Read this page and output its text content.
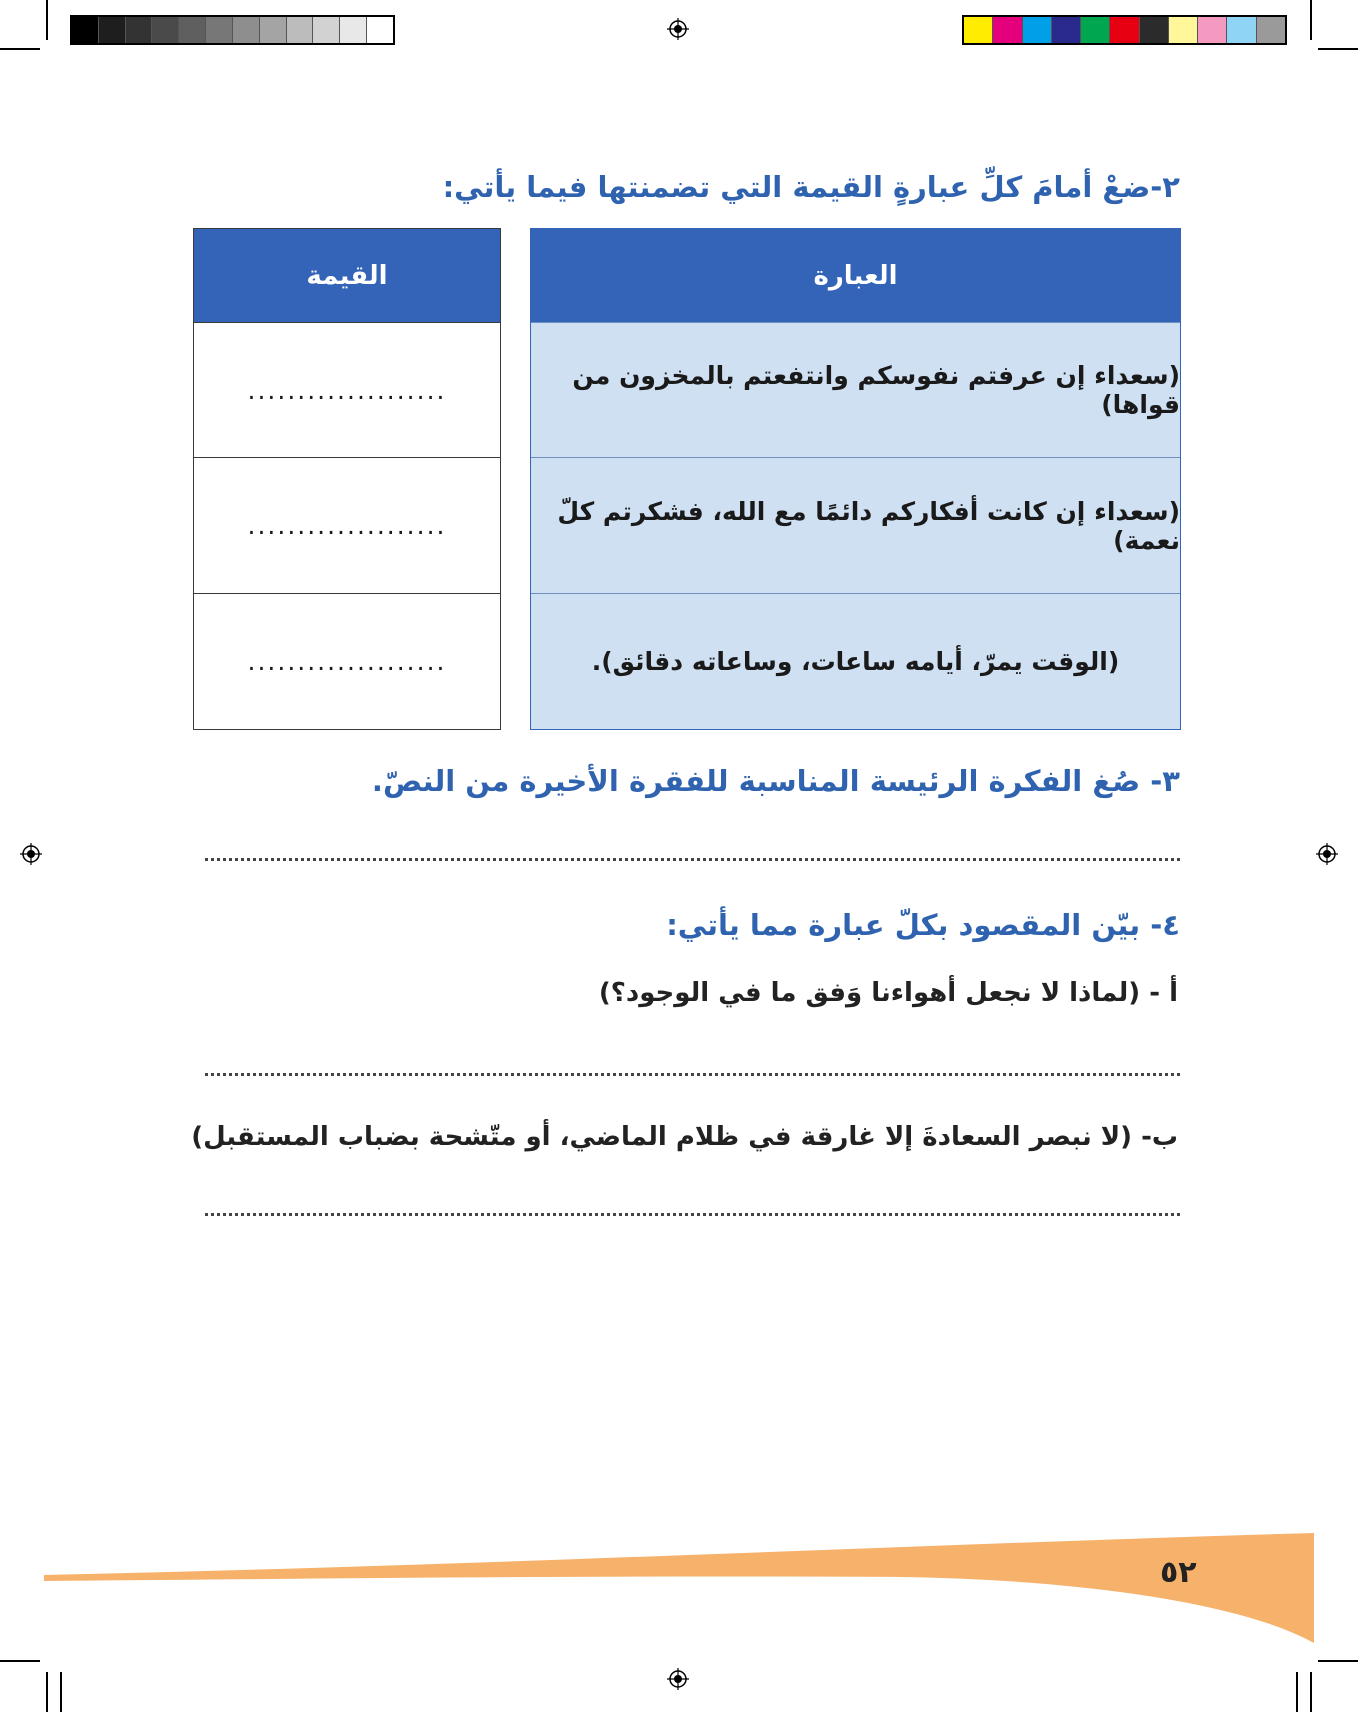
٢-ضعْ أمامَ كلِّ عبارةٍ القيمة التي تضمنتها فيما يأتي:
القيمة
....................
....................
....................
العبارة
(سعداء إن عرفتم نفوسكم وانتفعتم بالمخزون من قواها)
(سعداء إن كانت أفكاركم دائمًا مع الله، فشكرتم كلّ نعمة)
(الوقت يمرّ، أيامه ساعات، وساعاته دقائق).
٣- صُغ الفكرة الرئيسة المناسبة للفقرة الأخيرة من النصّ.
٤- بيّن المقصود بكلّ عبارة مما يأتي:
أ - (لماذا لا نجعل أهواءنا وَفق ما في الوجود؟)
ب- (لا نبصر السعادةَ إلا غارقة في ظلام الماضي، أو متّشحة بضباب المستقبل)
٥٢
